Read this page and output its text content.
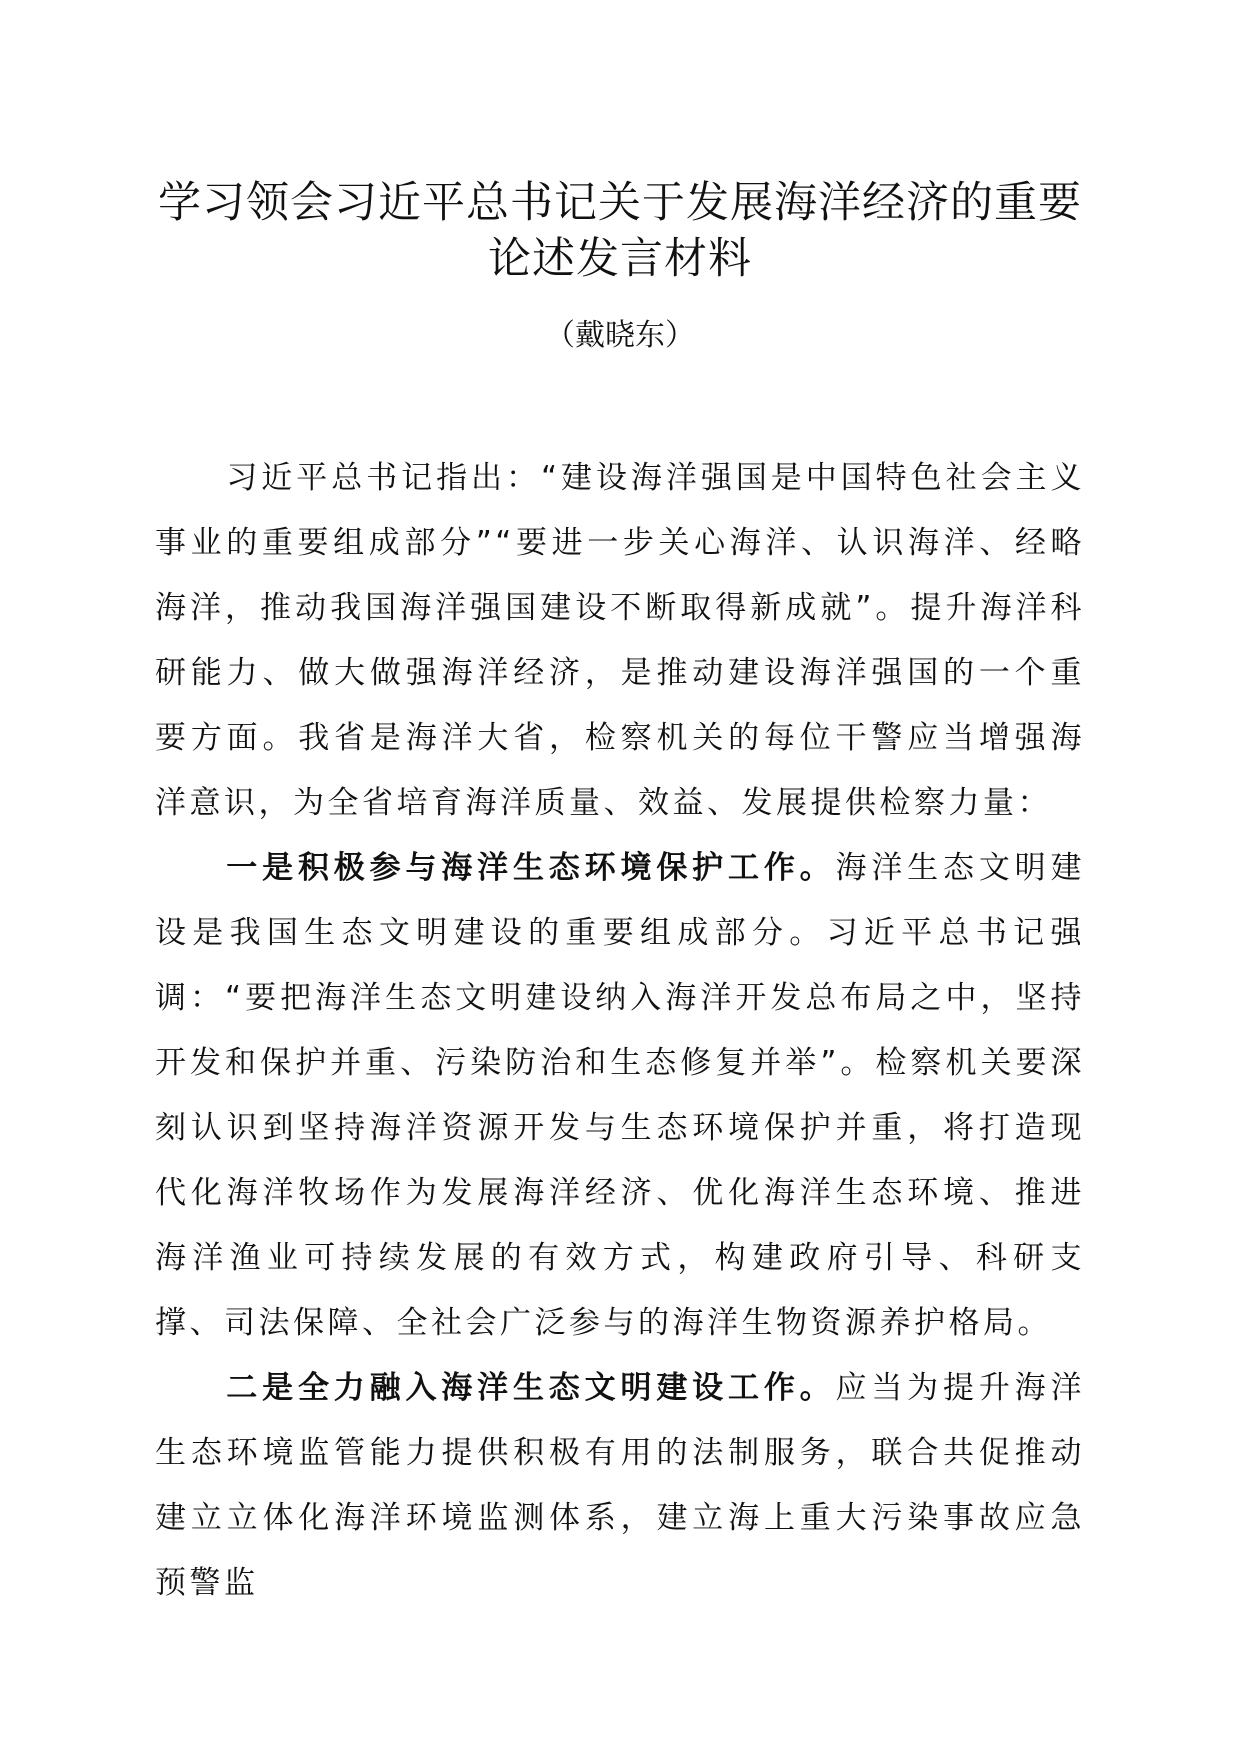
学习领会习近平总书记关于发展海洋经济的重要论述发言材料
（戴晓东）

习近平总书记指出：“建设海洋强国是中国特色社会主义事业的重要组成部分”“要进一步关心海洋、认识海洋、经略海洋，推动我国海洋强国建设不断取得新成就”。提升海洋科研能力、做大做强海洋经济，是推动建设海洋强国的一个重要方面。我省是海洋大省，检察机关的每位干警应当增强海洋意识，为全省培育海洋质量、效益、发展提供检察力量：

一是积极参与海洋生态环境保护工作。海洋生态文明建设是我国生态文明建设的重要组成部分。习近平总书记强调：“要把海洋生态文明建设纳入海洋开发总布局之中，坚持开发和保护并重、污染防治和生态修复并举”。检察机关要深刻认识到坚持海洋资源开发与生态环境保护并重，将打造现代化海洋牧场作为发展海洋经济、优化海洋生态环境、推进海洋渔业可持续发展的有效方式，构建政府引导、科研支撑、司法保障、全社会广泛参与的海洋生物资源养护格局。

二是全力融入海洋生态文明建设工作。应当为提升海洋生态环境监管能力提供积极有用的法制服务，联合共促推动建立立体化海洋环境监测体系，建立海上重大污染事故应急预警监
